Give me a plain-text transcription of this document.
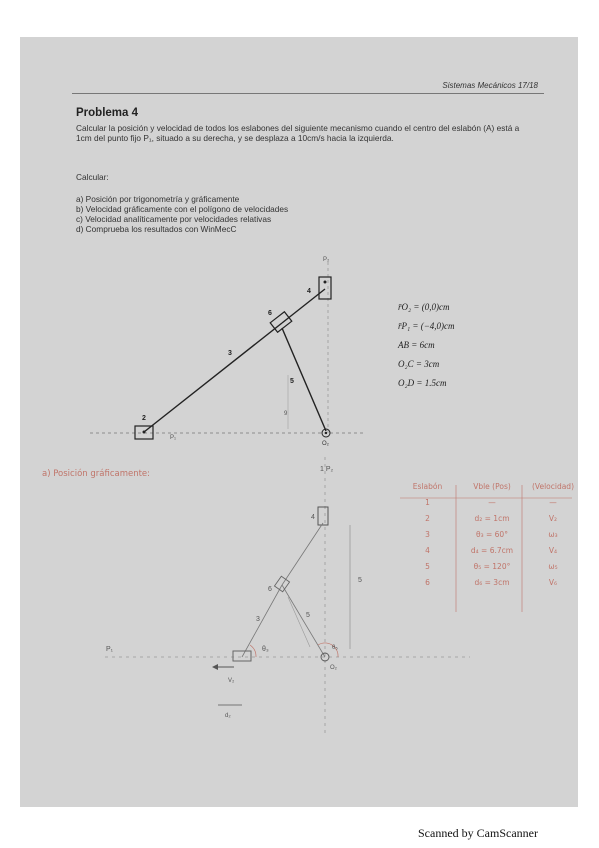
Sistemas Mecánicos 17/18
Problema 4
Calcular la posición y velocidad de todos los eslabones del siguiente mecanismo cuando el centro del eslabón (A) está a 1cm del punto fijo P₁, situado a su derecha, y se desplaza a 10cm/s hacia la izquierda.
Calcular:
a) Posición por trigonometría y gráficamente
b) Velocidad gráficamente con el polígono de velocidades
c) Velocidad analíticamente por velocidades relativas
d) Comprueba los resultados con WinMecC
P₂
4
6
3
5
2
P₁
O₂
9
r̄O₂ = (0,0)cm
r̄P₁ = (−4,0)cm
AB = 6cm
O₂C = 3cm
O₂D = 1.5cm
a) Posición gráficamente:	1 P₂
P₁
4
6
3
5
5
θ₃	θ₅
O₂
V₂
d₂
Eslabón	Vble (Pos)	(Velocidad)
1	—	—
2	d₂ = 1cm	V₂
3	θ₃ = 60°	ω₃
4	d₄ = 6.7cm	V₄
5	θ₅ = 120°	ω₅
6	d₆ = 3cm	V₆
Scanned by CamScanner
